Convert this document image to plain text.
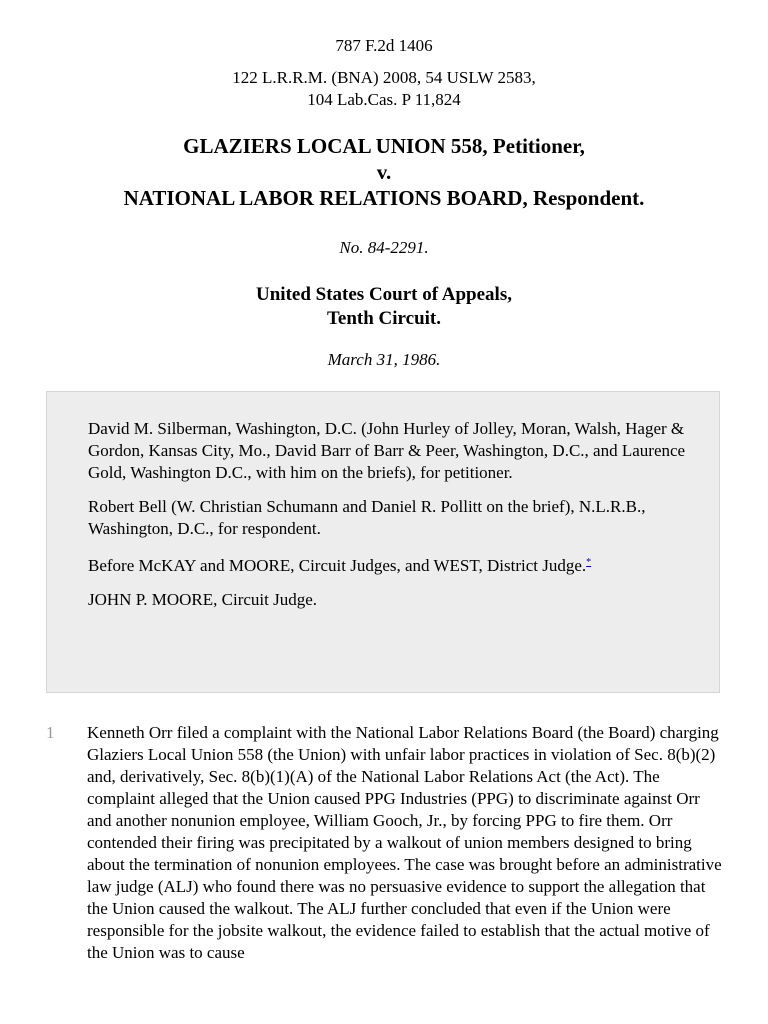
787 F.2d 1406
122 L.R.R.M. (BNA) 2008, 54 USLW 2583,
104 Lab.Cas. P 11,824
GLAZIERS LOCAL UNION 558, Petitioner,
v.
NATIONAL LABOR RELATIONS BOARD, Respondent.
No. 84-2291.
United States Court of Appeals,
Tenth Circuit.
March 31, 1986.

David M. Silberman, Washington, D.C. (John Hurley of Jolley, Moran, Walsh, Hager & Gordon, Kansas City, Mo., David Barr of Barr & Peer, Washington, D.C., and Laurence Gold, Washington D.C., with him on the briefs), for petitioner.

Robert Bell (W. Christian Schumann and Daniel R. Pollitt on the brief), N.L.R.B., Washington, D.C., for respondent.

Before McKAY and MOORE, Circuit Judges, and WEST, District Judge.*

JOHN P. MOORE, Circuit Judge.

1 Kenneth Orr filed a complaint with the National Labor Relations Board (the Board) charging Glaziers Local Union 558 (the Union) with unfair labor practices in violation of Sec. 8(b)(2) and, derivatively, Sec. 8(b)(1)(A) of the National Labor Relations Act (the Act). The complaint alleged that the Union caused PPG Industries (PPG) to discriminate against Orr and another nonunion employee, William Gooch, Jr., by forcing PPG to fire them. Orr contended their firing was precipitated by a walkout of union members designed to bring about the termination of nonunion employees. The case was brought before an administrative law judge (ALJ) who found there was no persuasive evidence to support the allegation that the Union caused the walkout. The ALJ further concluded that even if the Union were responsible for the jobsite walkout, the evidence failed to establish that the actual motive of the Union was to cause
